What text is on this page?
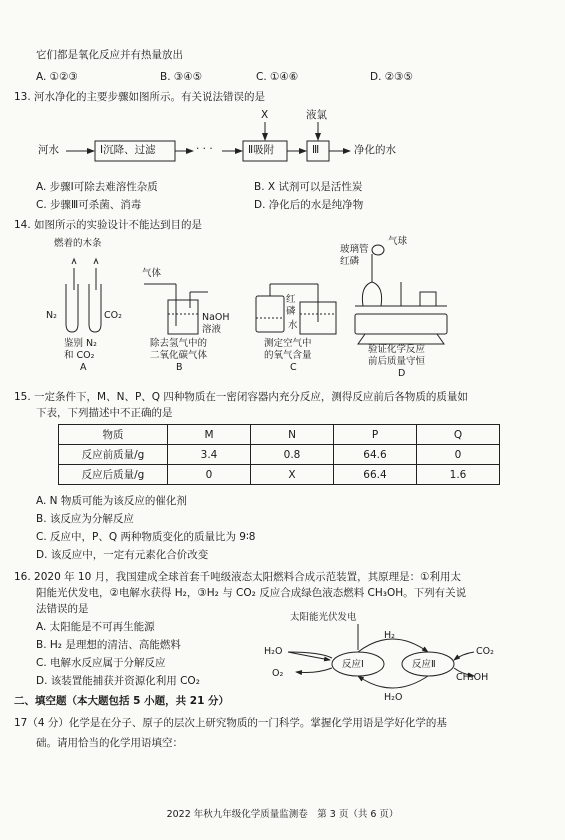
它们都是氧化反应并有热量放出
A. ①②③	B. ③④⑤	C. ①④⑥	D. ②③⑤
13. 河水净化的主要步骤如图所示。有关说法错误的是
河水	Ⅰ沉降、过滤	· · ·	Ⅱ吸附	Ⅲ	净化的水
X	液氯
A. 步骤Ⅰ可除去难溶性杂质	B. X 试剂可以是活性炭
C. 步骤Ⅲ可杀菌、消毒	D. 净化后的水是纯净物
14. 如图所示的实验设计不能达到目的是
燃着的木条
N₂	CO₂
鉴别 N₂
和 CO₂
A
气体
NaOH
溶液
除去氢气中的
二氧化碳气体
B
红
磷
水
测定空气中
的氧气含量
C
玻璃管
红磷
气球
验证化学反应
前后质量守恒
D
15. 一定条件下，M、N、P、Q 四种物质在一密闭容器内充分反应，测得反应前后各物质的质量如
下表，下列描述中不正确的是
物质	M	N	P	Q
反应前质量/g	3.4	0.8	64.6	0
反应后质量/g	0	X	66.4	1.6
A. N 物质可能为该反应的催化剂
B. 该反应为分解反应
C. 反应中，P、Q 两种物质变化的质量比为 9∶8
D. 该反应中，一定有元素化合价改变
16. 2020 年 10 月，我国建成全球首套千吨级液态太阳燃料合成示范装置，其原理是：①利用太
阳能光伏发电，②电解水获得 H₂，③H₂ 与 CO₂ 反应合成绿色液态燃料 CH₃OH。下列有关说
法错误的是
A. 太阳能是不可再生能源
B. H₂ 是理想的清洁、高能燃料
C. 电解水反应属于分解反应
D. 该装置能捕获并资源化利用 CO₂
太阳能光伏发电
H₂
H₂O
O₂
反应Ⅰ	反应Ⅱ
CO₂
CH₃OH
H₂O
二、填空题（本大题包括 5 小题，共 21 分）
17（4 分）化学是在分子、原子的层次上研究物质的一门科学。掌握化学用语是学好化学的基
础。请用恰当的化学用语填空：
2022 年秋九年级化学质量监测卷　第 3 页（共 6 页）
